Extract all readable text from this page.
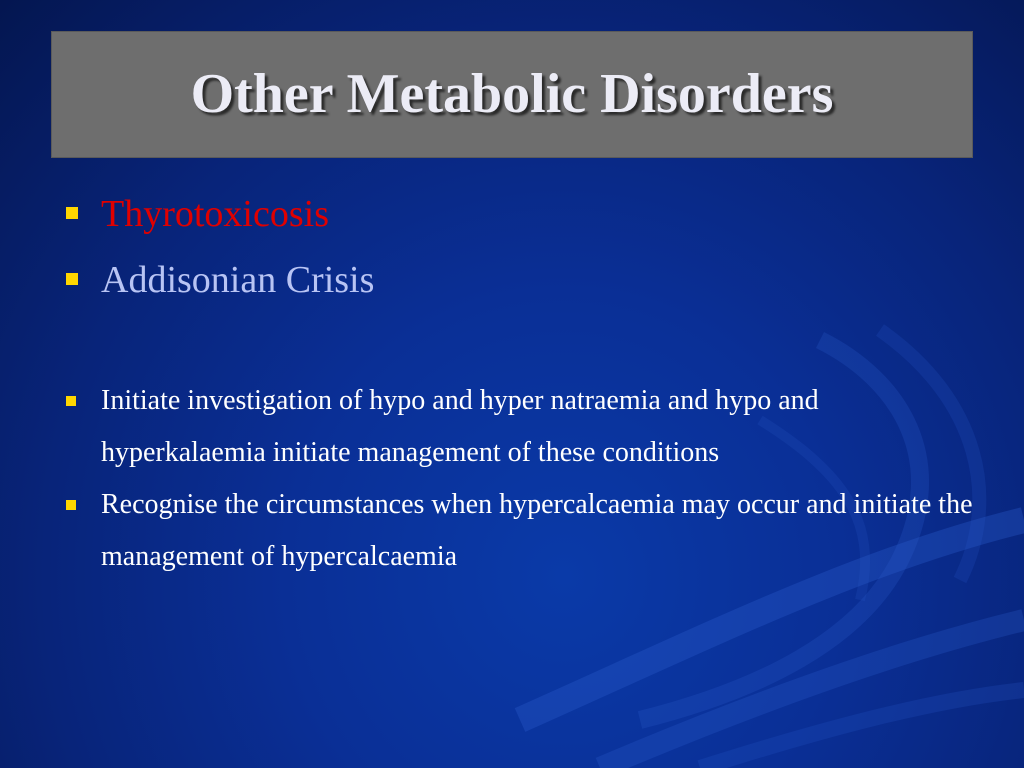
Other Metabolic Disorders
Thyrotoxicosis
Addisonian Crisis
Initiate investigation of hypo and hyper natraemia and hypo and hyperkalaemia initiate management of these conditions
Recognise the circumstances when hypercalcaemia may occur and initiate the management of hypercalcaemia
